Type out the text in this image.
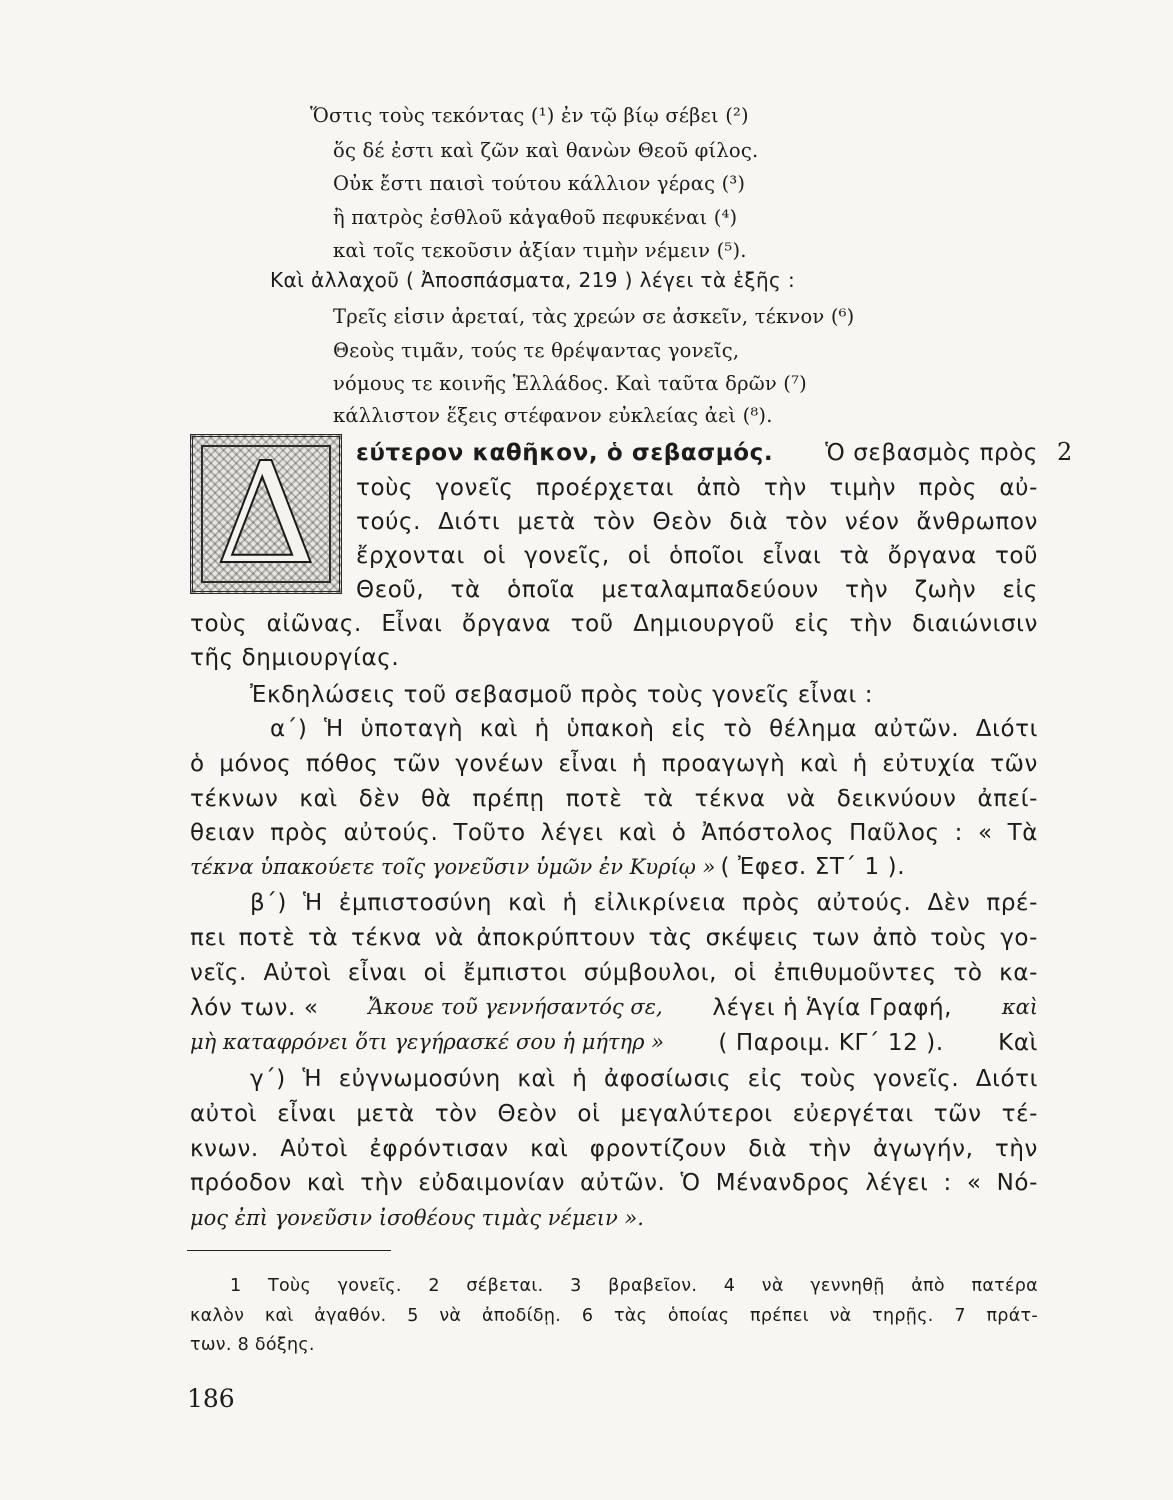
Ὅστις τοὺς τεκόντας (¹) ἐν τῷ βίῳ σέβει (²)
ὅς δέ ἐστι καὶ ζῶν καὶ θανὼν Θεοῦ φίλος.
Οὐκ ἔστι παισὶ τούτου κάλλιον γέρας (³)
ἢ πατρὸς ἐσθλοῦ κἀγαθοῦ πεφυκέναι (⁴)
καὶ τοῖς τεκοῦσιν ἀξίαν τιμὴν νέμειν (⁵).
Καὶ ἀλλαχοῦ ( Ἀποσπάσματα, 219 ) λέγει τὰ ἑξῆς :
Τρεῖς εἰσιν ἀρεταί, τὰς χρεών σε ἀσκεῖν, τέκνον (⁶)
Θεοὺς τιμᾶν, τούς τε θρέψαντας γονεῖς,
νόμους τε κοινῆς Ἑλλάδος. Καὶ ταῦτα δρῶν (⁷)
κάλλιστον ἕξεις στέφανον εὐκλείας ἀεὶ (⁸).
Δ	2
εύτερον καθῆκον, ὁ σεβασμός. Ὁ σεβασμὸς πρὸς
τοὺς γονεῖς προέρχεται ἀπὸ τὴν τιμὴν πρὸς αὐ-
τούς. Διότι μετὰ τὸν Θεὸν διὰ τὸν νέον ἄνθρωπον
ἔρχονται οἱ γονεῖς, οἱ ὁποῖοι εἶναι τὰ ὄργανα τοῦ
Θεοῦ, τὰ ὁποῖα μεταλαμπαδεύουν τὴν ζωὴν εἰς
τοὺς αἰῶνας. Εἶναι ὄργανα τοῦ Δημιουργοῦ εἰς τὴν διαιώνισιν
τῆς δημιουργίας.
Ἐκδηλώσεις τοῦ σεβασμοῦ πρὸς τοὺς γονεῖς εἶναι :
α΄) Ἡ ὑποταγὴ καὶ ἡ ὑπακοὴ εἰς τὸ θέλημα αὐτῶν. Διότι
ὁ μόνος πόθος τῶν γονέων εἶναι ἡ προαγωγὴ καὶ ἡ εὐτυχία τῶν
τέκνων καὶ δὲν θὰ πρέπῃ ποτὲ τὰ τέκνα νὰ δεικνύουν ἀπεί-
θειαν πρὸς αὐτούς. Τοῦτο λέγει καὶ ὁ Ἀπόστολος Παῦλος : « Τὰ
τέκνα ὑπακούετε τοῖς γονεῦσιν ὑμῶν ἐν Κυρίῳ » ( Ἐφεσ. ΣΤ΄ 1 ).
β΄) Ἡ ἐμπιστοσύνη καὶ ἡ εἰλικρίνεια πρὸς αὐτούς. Δὲν πρέ-
πει ποτὲ τὰ τέκνα νὰ ἀποκρύπτουν τὰς σκέψεις των ἀπὸ τοὺς γο-
νεῖς. Αὐτοὶ εἶναι οἱ ἔμπιστοι σύμβουλοι, οἱ ἐπιθυμοῦντες τὸ κα-
λόν των. « Ἄκουε τοῦ γεννήσαντός σε, λέγει ἡ Ἁγία Γραφή, καὶ
μὴ καταφρόνει ὅτι γεγήρασκέ σου ἡ μήτηρ » ( Παροιμ. ΚΓ΄ 12 ). Καὶ
γ΄) Ἡ εὐγνωμοσύνη καὶ ἡ ἀφοσίωσις εἰς τοὺς γονεῖς. Διότι
αὐτοὶ εἶναι μετὰ τὸν Θεὸν οἱ μεγαλύτεροι εὐεργέται τῶν τέ-
κνων. Αὐτοὶ ἐφρόντισαν καὶ φροντίζουν διὰ τὴν ἀγωγήν, τὴν
πρόοδον καὶ τὴν εὐδαιμονίαν αὐτῶν. Ὁ Μένανδρος λέγει : « Νό-
μος ἐπὶ γονεῦσιν ἰσοθέους τιμὰς νέμειν ».
1 Τοὺς γονεῖς. 2 σέβεται. 3 βραβεῖον. 4 νὰ γεννηθῇ ἀπὸ πατέρα
καλὸν καὶ ἀγαθόν. 5 νὰ ἀποδίδῃ. 6 τὰς ὁποίας πρέπει νὰ τηρῇς. 7 πράτ-
των. 8 δόξης.
186
